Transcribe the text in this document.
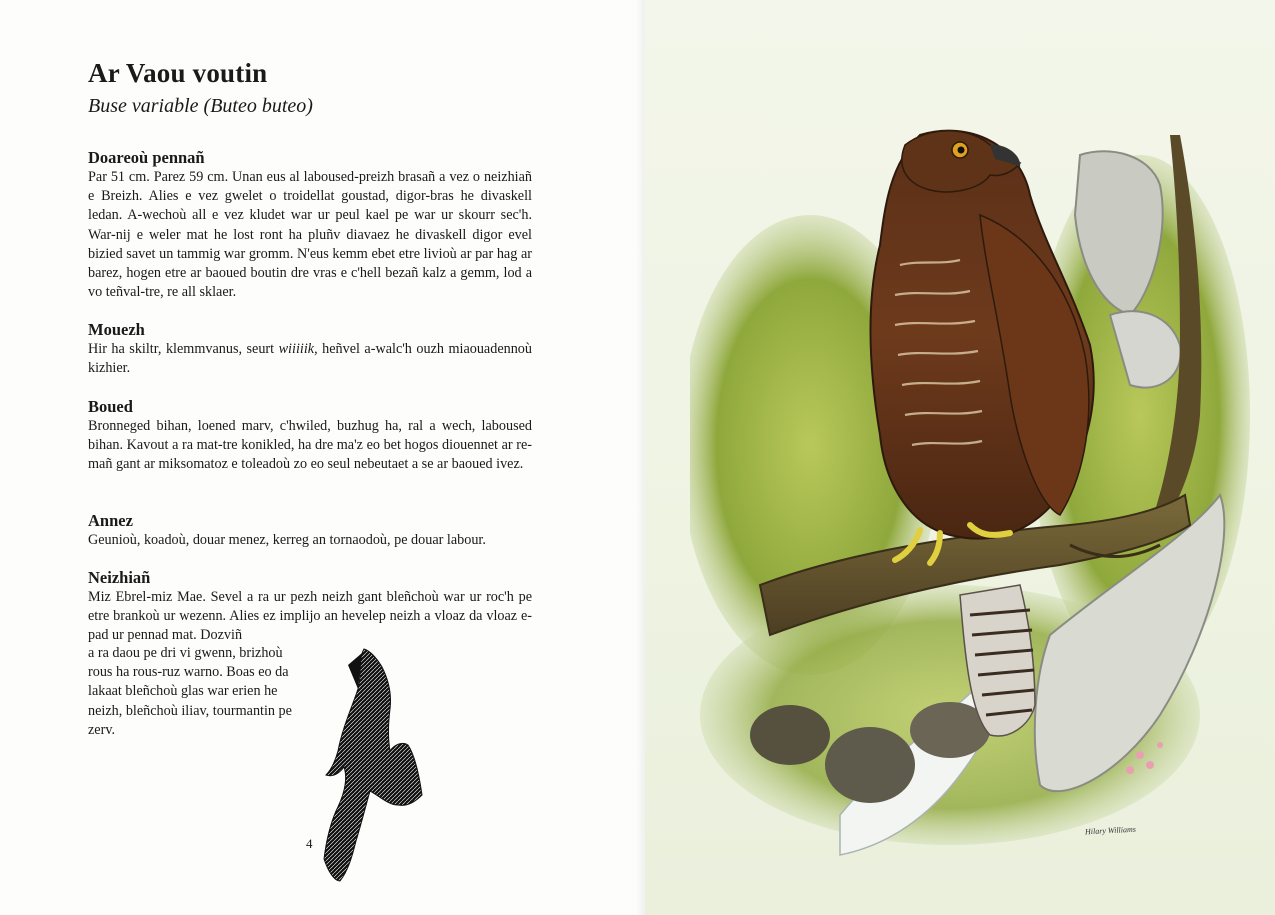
Ar Vaou voutin
Buse variable (Buteo buteo)
Doareoù pennañ

Par 51 cm. Parez 59 cm. Unan eus al laboused-preizh brasañ a vez o neizhiañ e Breizh. Alies e vez gwelet o troidellat goustad, digor-bras he divaskell ledan. A-wechoù all e vez kludet war ur peul kael pe war ur skourr sec'h. War-nij e weler mat he lost ront ha pluñv diavaez he divaskell digor evel bizied savet un tammig war gromm. N'eus kemm ebet etre livioù ar par hag ar barez, hogen etre ar baoued boutin dre vras e c'hell bezañ kalz a gemm, lod a vo teñval-tre, re all sklaer.

Mouezh

Hir ha skiltr, klemmvanus, seurt wiiiiik, heñvel a-walc'h ouzh miaouadennoù kizhier.

Boued

Bronneged bihan, loened marv, c'hwiled, buzhug ha, ral a wech, laboused bihan. Kavout a ra mat-tre konikled, ha dre ma'z eo bet hogos diouennet ar re-mañ gant ar miksomatoz e toleadoù zo eo seul nebeutaet a se ar baoued ivez.

Annez

Geunioù, koadoù, douar menez, kerreg an tornaodoù, pe douar labour.

Neizhiañ

Miz Ebrel-miz Mae. Sevel a ra ur pezh neizh gant bleñchoù war ur roc'h pe etre brankoù ur wezenn. Alies ez implijo an hevelep neizh a vloaz da vloaz e-pad ur pennad mat. Dozviñ

a ra daou pe dri vi gwenn, brizhoù rous ha rous-ruz warno. Boas eo da lakaat bleñchoù glas war erien he neizh, bleñchoù iliav, tourmantin pe zerv.

4
Hilary Williams
